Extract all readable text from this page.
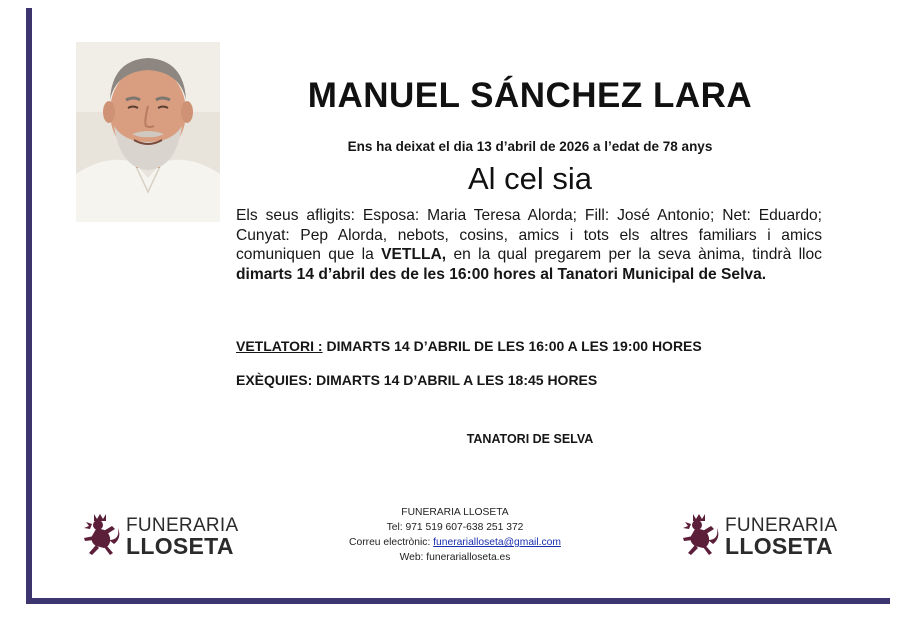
MANUEL SÁNCHEZ LARA
Ens ha deixat el dia 13 d’abril de 2026 a l’edat de 78 anys
Al cel sia
Els seus afligits: Esposa: Maria Teresa Alorda; Fill: José Antonio; Net: Eduardo; Cunyat: Pep Alorda, nebots, cosins, amics i tots els altres familiars i amics comuniquen que la VETLLA, en la qual pregarem per la seva ànima, tindrà lloc dimarts 14 d’abril des de les 16:00 hores al Tanatori Municipal de Selva.
VETLATORI : DIMARTS 14 D’ABRIL DE LES 16:00 A LES 19:00 HORES
EXÈQUIES: DIMARTS 14 D’ABRIL A LES 18:45 HORES
TANATORI DE SELVA
FUNERARIA
LLOSETA
FUNERARIA LLOSETA
Tel: 971 519 607-638 251 372
Correu electrònic: funerarialloseta@gmail.com
Web: funerarialloseta.es
FUNERARIA
LLOSETA
